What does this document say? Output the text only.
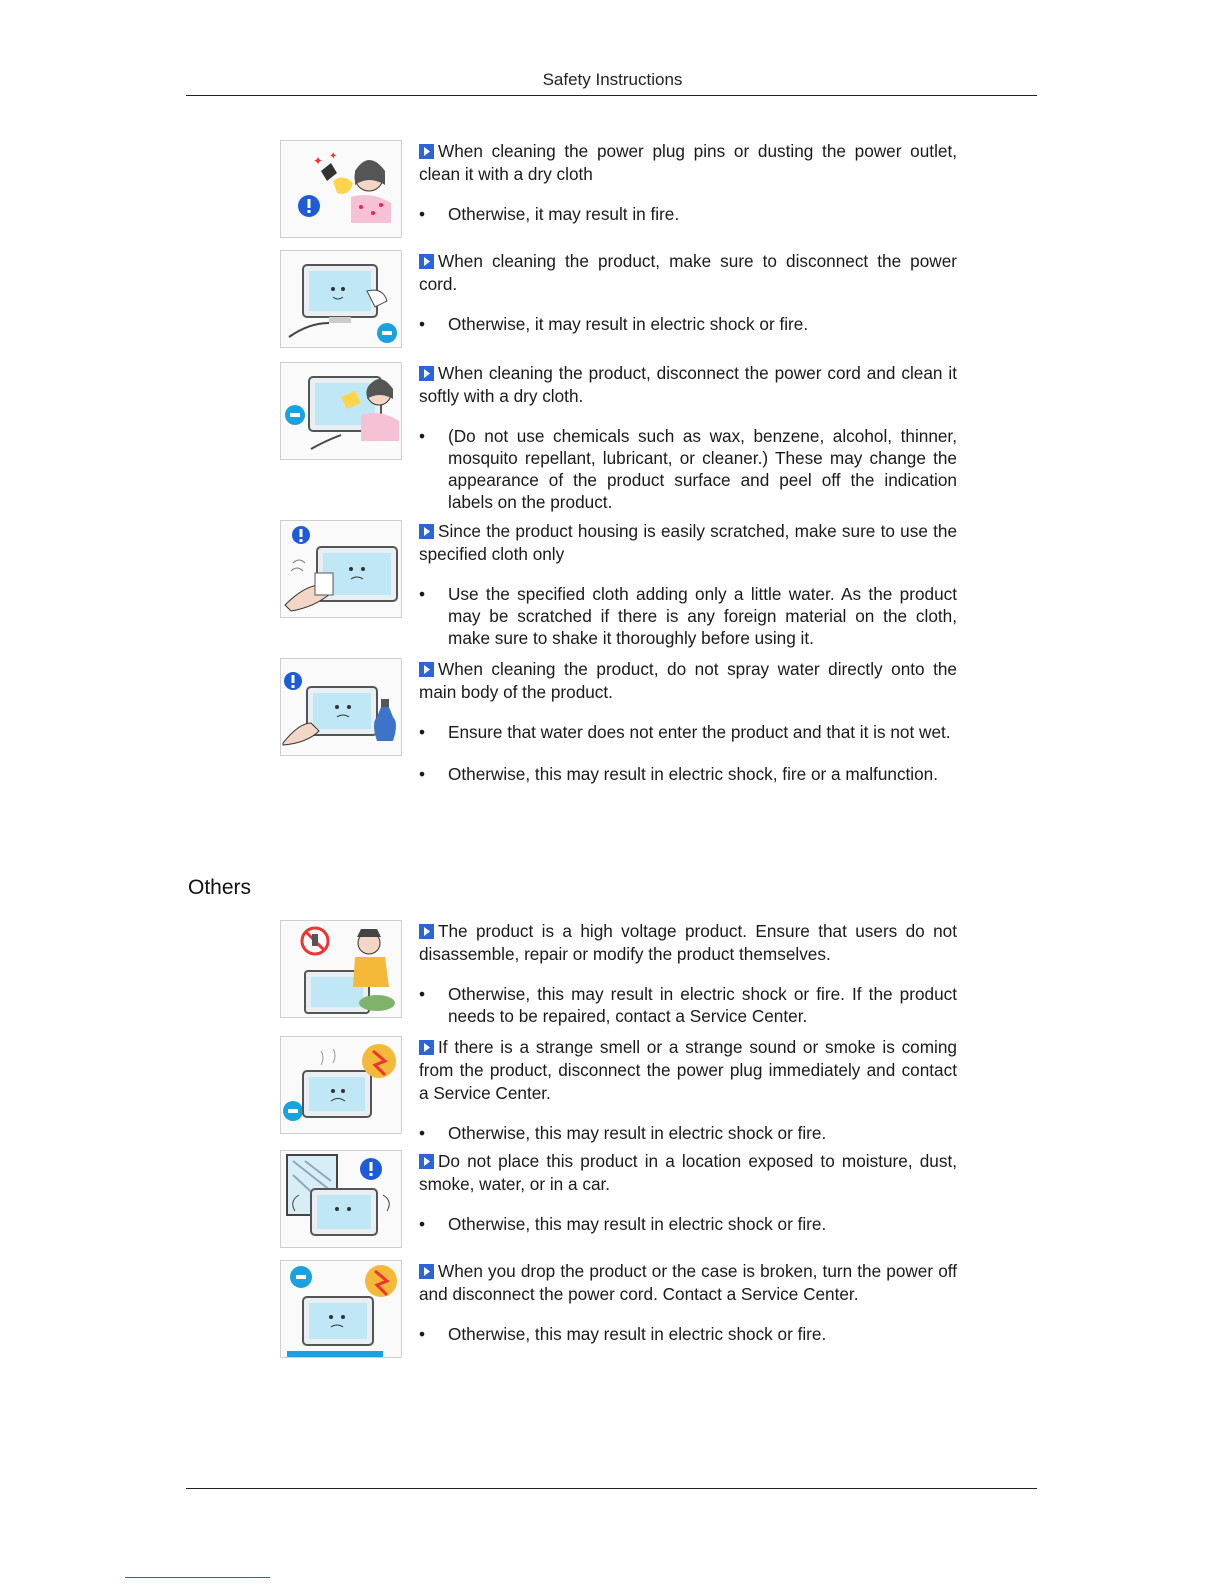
Safety Instructions
✦ ✦	When cleaning the power plug pins or dusting the power outlet, clean it with a dry cloth

•	Otherwise, it may result in fire.

When cleaning the product, make sure to disconnect the power cord.

•	Otherwise, it may result in electric shock or fire.

When cleaning the product, disconnect the power cord and clean it softly with a dry cloth.

•	(Do not use chemicals such as wax, benzene, alcohol, thinner, mosquito repellant, lubricant, or cleaner.) These may change the appearance of the product surface and peel off the indication labels on the product.

Since the product housing is easily scratched, make sure to use the specified cloth only

•	Use the specified cloth adding only a little water. As the product may be scratched if there is any foreign material on the cloth, make sure to shake it thoroughly before using it.

When cleaning the product, do not spray water directly onto the main body of the product.

•	Ensure that water does not enter the product and that it is not wet.
•	Otherwise, this may result in electric shock, fire or a malfunction.
Others

The product is a high voltage product. Ensure that users do not disassemble, repair or modify the product themselves.

•	Otherwise, this may result in electric shock or fire. If the product needs to be repaired, contact a Service Center.

If there is a strange smell or a strange sound or smoke is coming from the product, disconnect the power plug immediately and contact a Service Center.

•	Otherwise, this may result in electric shock or fire.

Do not place this product in a location exposed to moisture, dust, smoke, water, or in a car.

•	Otherwise, this may result in electric shock or fire.

When you drop the product or the case is broken, turn the power off and disconnect the power cord. Contact a Service Center.

•	Otherwise, this may result in electric shock or fire.
